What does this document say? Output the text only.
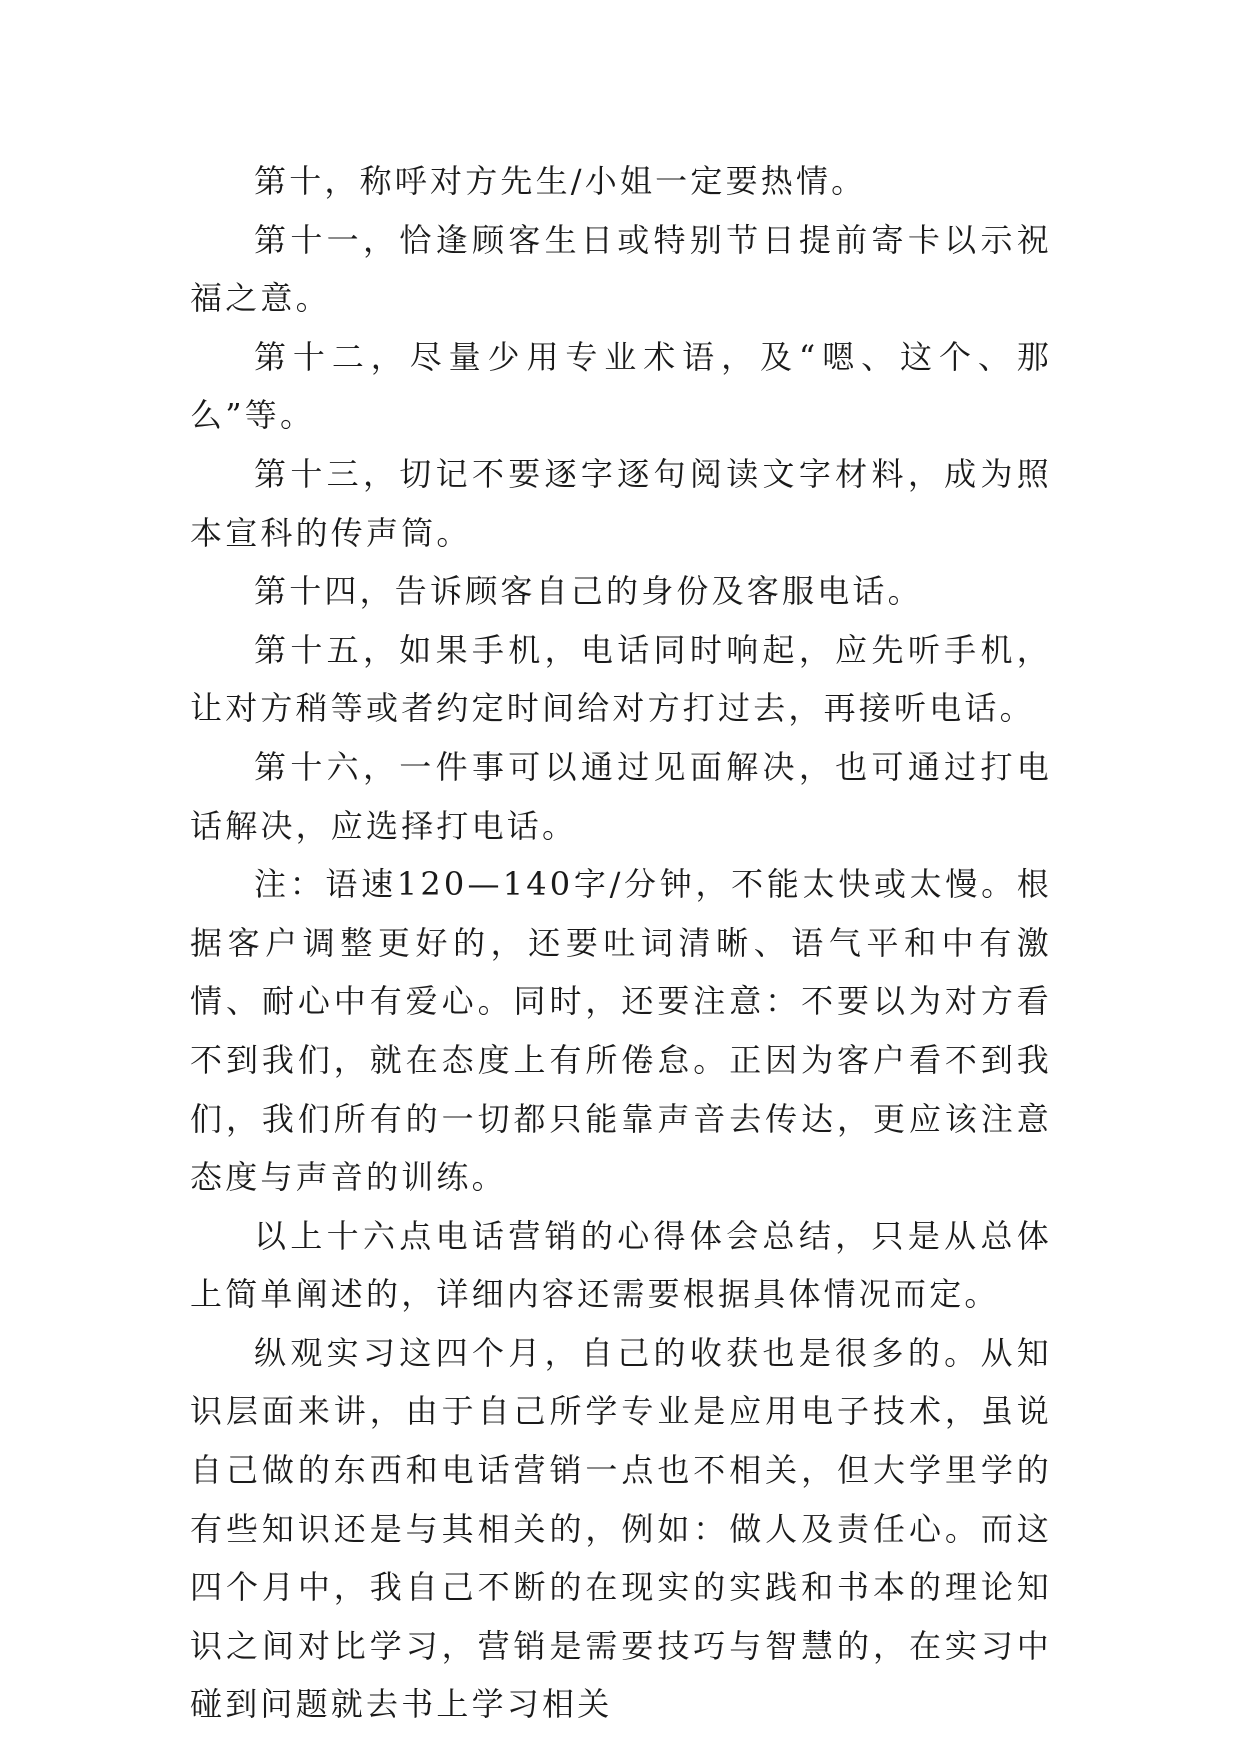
第十，称呼对方先生/小姐一定要热情。

第十一，恰逢顾客生日或特别节日提前寄卡以示祝福之意。

第十二，尽量少用专业术语，及“嗯、这个、那么”等。

第十三，切记不要逐字逐句阅读文字材料，成为照本宣科的传声筒。

第十四，告诉顾客自己的身份及客服电话。

第十五，如果手机，电话同时响起，应先听手机，让对方稍等或者约定时间给对方打过去，再接听电话。

第十六，一件事可以通过见面解决，也可通过打电话解决，应选择打电话。

注：语速120—140字/分钟，不能太快或太慢。根据客户调整更好的，还要吐词清晰、语气平和中有激情、耐心中有爱心。同时，还要注意：不要以为对方看不到我们，就在态度上有所倦怠。正因为客户看不到我们，我们所有的一切都只能靠声音去传达，更应该注意态度与声音的训练。

以上十六点电话营销的心得体会总结，只是从总体上简单阐述的，详细内容还需要根据具体情况而定。

纵观实习这四个月，自己的收获也是很多的。从知识层面来讲，由于自己所学专业是应用电子技术，虽说自己做的东西和电话营销一点也不相关，但大学里学的有些知识还是与其相关的，例如：做人及责任心。而这四个月中，我自己不断的在现实的实践和书本的理论知识之间对比学习，营销是需要技巧与智慧的，在实习中碰到问题就去书上学习相关
